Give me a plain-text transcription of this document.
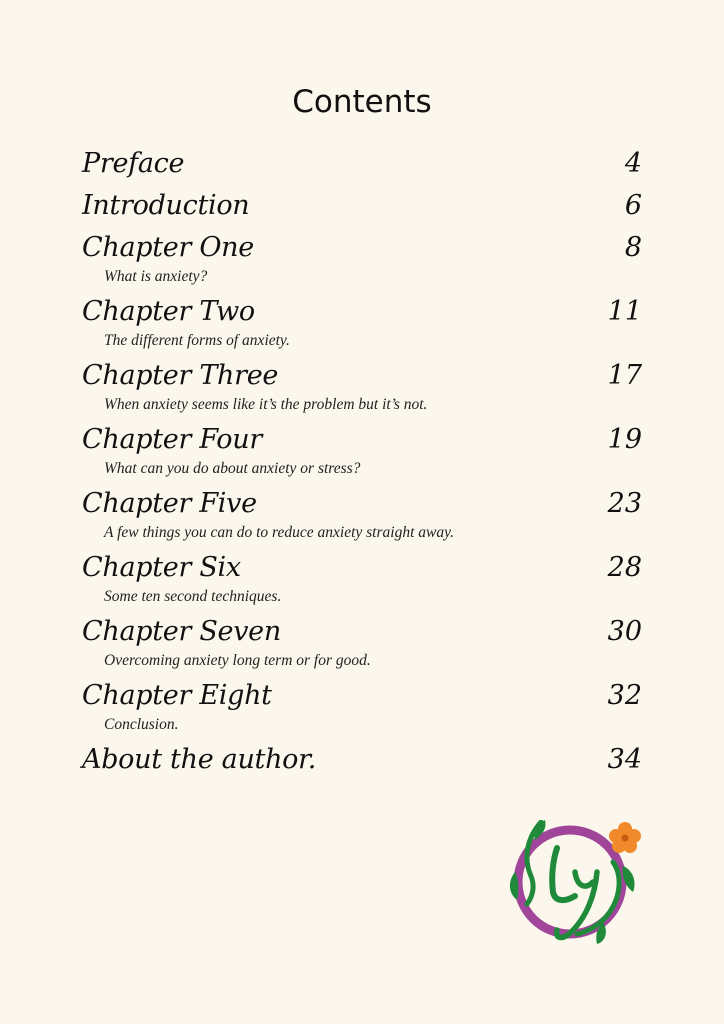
Contents
Preface	4
Introduction	6
Chapter One	8
What is anxiety?
Chapter Two	11
The different forms of anxiety.
Chapter Three	17
When anxiety seems like it’s the problem but it’s not.
Chapter Four	19
What can you do about anxiety or stress?
Chapter Five	23
A few things you can do to reduce anxiety straight away.
Chapter Six	28
Some ten second techniques.
Chapter Seven	30
Overcoming anxiety long term or for good.
Chapter Eight	32
Conclusion.
About the author.	34
